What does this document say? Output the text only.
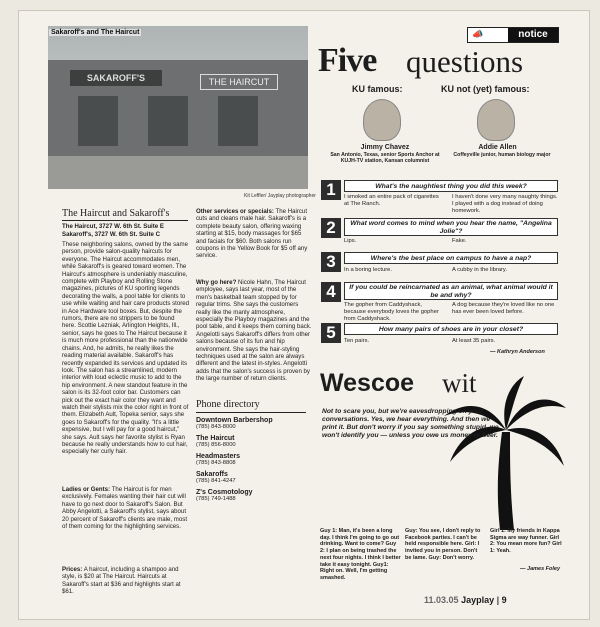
SAKAROFF'S	THE HAIRCUT
Sakaroff's and The Haircut
Kit Leffler/ Jayplay photographer
The Haircut and Sakaroff's
The Haircut, 3727 W. 6th St. Suite E
Sakaroff's, 3727 W. 6th St. Suite C
These neighboring salons, owned by the same person, provide salon-quality haircuts for everyone. The Haircut accommodates men, while Sakaroff's is geared toward women. The Haircut's atmosphere is undeniably masculine, complete with Playboy and Rolling Stone magazines, pictures of KU sporting legends decorating the walls, a pool table for clients to use while waiting and hair care products stored in Ace Hardware tool boxes. But, despite the rumors, there are no strippers to be found here. Scottie Lezniak, Arlington Heights, Ill., senior, says he goes to The Haircut because it is much more professional than the nationwide chains. And, he admits, he really likes the reading material available. Sakaroff's has recently expanded its services and updated its look. The salon has a streamlined, modern interior with loud eclectic music to add to the hip environment. A new standout feature in the salon is its 32-foot color bar. Customers can pick out the exact hair color they want and watch their stylists mix the color right in front of them. Elizabeth Ault, Topeka senior, says she goes to Sakaroff's for the quality. "It's a little expensive, but I will pay for a good haircut," she says. Ault says her favorite stylist is Ryan because he really understands how to cut hair, especially her curly hair.
Ladies or Gents: The Haircut is for men exclusively. Females wanting their hair cut will have to go next door to Sakaroff's Salon. But Abby Angelotti, a Sakaroff's stylist, says about 20 percent of Sakaroff's clients are male, most of them coming for the highlighting services.
Prices: A haircut, including a shampoo and style, is $20 at The Haircut. Haircuts at Sakaroff's start at $36 and highlights start at $61.
Other services or specials: The Haircut cuts and cleans male hair. Sakaroff's is a complete beauty salon, offering waxing starting at $15, body massages for $65 and facials for $60. Both salons run coupons in the Yellow Book for $5 off any service.
Why go here? Nicole Hahn, The Haircut employee, says last year, most of the men's basketball team stopped by for regular trims. She says the customers really like the manly atmosphere, especially the Playboy magazines and the pool table, and it keeps them coming back. Angelotti says Sakaroff's differs from other salons because of its fun and hip environment. She says the hair-styling techniques used at the salon are always different and the latest in-styles. Angelotti adds that the salon's success is proven by the large number of return clients.
Phone directory
Downtown Barbershop
(785) 843-8000
The Haircut
(785) 856-8000
Headmasters
(785) 843-8808
Sakaroffs
(785) 841-4247
Z's Cosmotology
(785) 749-1488
📣	notice
Five questions
KU famous:	KU not (yet) famous:
Jimmy Chavez
San Antonio, Texas, senior Sports Anchor at KUJH-TV station, Kansan columnist
Addie Allen
Coffeyville junior, human biology major
1	What's the naughtiest thing you did this week?
I smoked an entire pack of cigarettes at The Ranch.
I haven't done very many naughty things. I played with a dog instead of doing homework.
2	What word comes to mind when you hear the name, "Angelina Jolie"?
Lips.	Fake.
3	Where's the best place on campus to have a nap?
In a boring lecture.	A cubby in the library.
4	If you could be reincarnated as an animal, what animal would it be and why?
The gopher from Caddyshack, because everybody loves the gopher from Caddyshack.
A dog because they're loved like no one has ever been loved before.
5	How many pairs of shoes are in your closet?
Ten pairs.	At least 35 pairs.
— Kathryn Anderson
Wescoe wit
Not to scare you, but we're eavesdropping on your conversations. Yes, we hear everything. And then we print it. But don't worry if you say something stupid, we won't identify you — unless you owe us money or beer.
Guy 1: Man, it's been a long day. I think I'm going to go out drinking. Want to come? Guy 2: I plan on being trashed the next four nights. I think I better take it easy tonight. Guy1: Right on. Well, I'm getting smashed.
Guy: You see, I don't reply to Facebook parties. I can't be held responsible here. Girl: I invited you in person. Don't be lame. Guy: Don't worry.
Girl 1: My friends in Kappa Sigma are way funner. Girl 2: You mean more fun? Girl 1: Yeah.
— James Foley
11.03.05 Jayplay | 9
